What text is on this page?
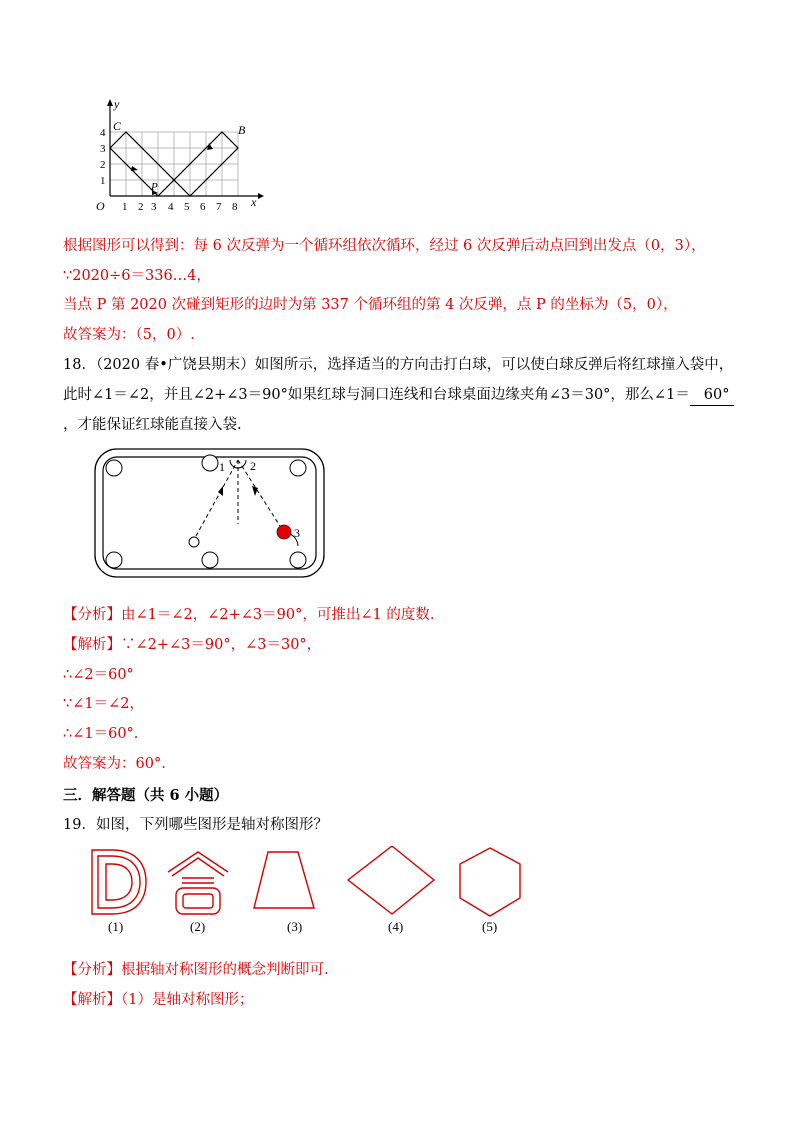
y
x
O
4
3
2
1
1 2 3 4 5 6 7 8
C	B
P
根据图形可以得到：每 6 次反弹为一个循环组依次循环，经过 6 次反弹后动点回到出发点（0，3），
∵2020÷6＝336…4，
当点 P 第 2020 次碰到矩形的边时为第 337 个循环组的第 4 次反弹，点 P 的坐标为（5，0），
故答案为：（5，0）.
18．（2020 春•广饶县期末）如图所示，选择适当的方向击打白球，可以使白球反弹后将红球撞入袋中，
此时∠1＝∠2，并且∠2+∠3＝90°如果红球与洞口连线和台球桌面边缘夹角∠3＝30°，那么∠1＝ 60°
，才能保证红球能直接入袋.
1 2
3
【分析】由∠1＝∠2，∠2+∠3＝90°，可推出∠1 的度数.
【解析】∵∠2+∠3＝90°，∠3＝30°，
∴∠2＝60°
∵∠1＝∠2，
∴∠1＝60°.
故答案为：60°.
三．解答题（共 6 小题）
19．如图，下列哪些图形是轴对称图形？
(1)	(2)	(3)	(4)	(5)
【分析】根据轴对称图形的概念判断即可.
【解析】（1）是轴对称图形；
